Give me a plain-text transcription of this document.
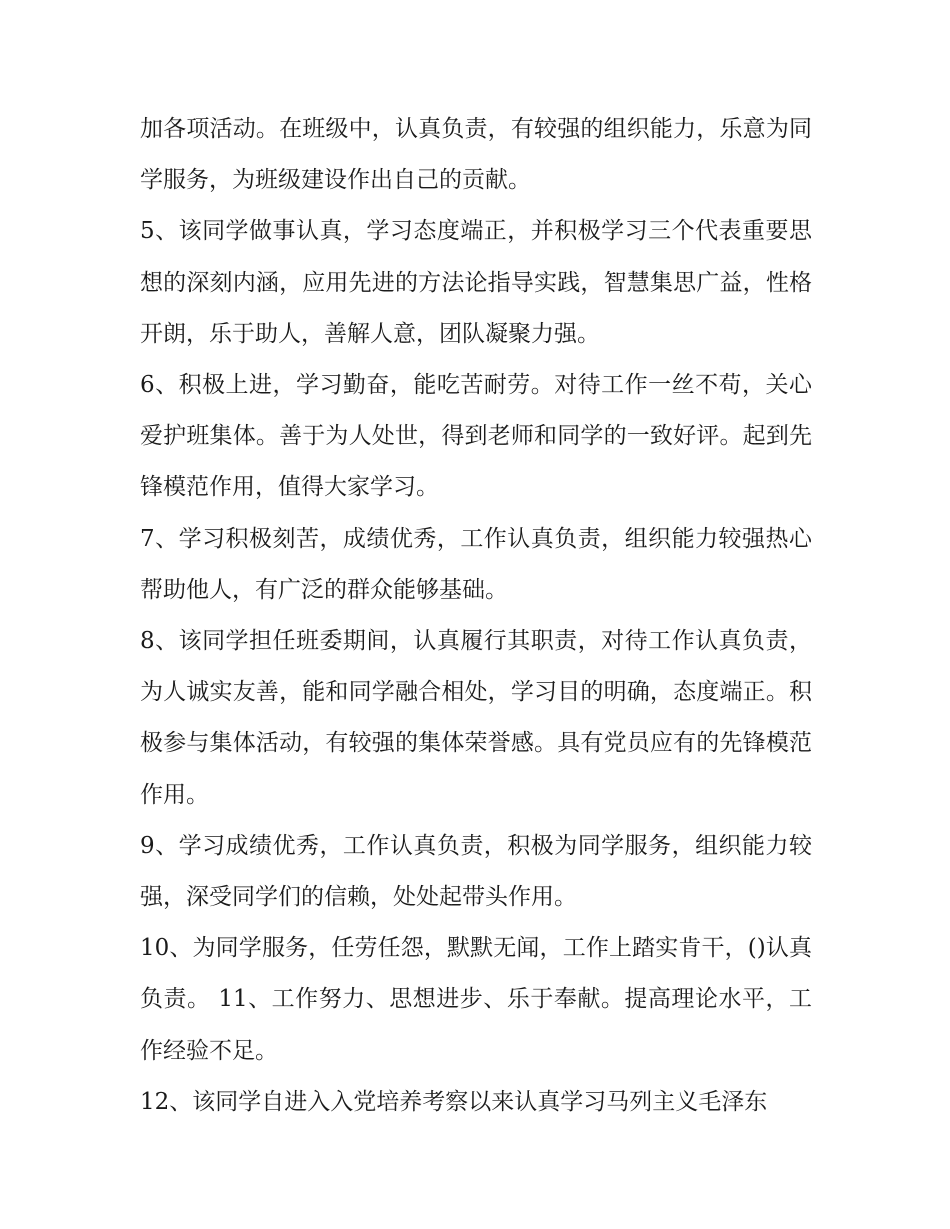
加各项活动。在班级中，认真负责，有较强的组织能力，乐意为同学服务，为班级建设作出自己的贡献。

5、该同学做事认真，学习态度端正，并积极学习三个代表重要思想的深刻内涵，应用先进的方法论指导实践，智慧集思广益，性格开朗，乐于助人，善解人意，团队凝聚力强。

6、积极上进，学习勤奋，能吃苦耐劳。对待工作一丝不苟，关心爱护班集体。善于为人处世，得到老师和同学的一致好评。起到先锋模范作用，值得大家学习。

7、学习积极刻苦，成绩优秀，工作认真负责，组织能力较强热心帮助他人，有广泛的群众能够基础。

8、该同学担任班委期间，认真履行其职责，对待工作认真负责，为人诚实友善，能和同学融合相处，学习目的明确，态度端正。积极参与集体活动，有较强的集体荣誉感。具有党员应有的先锋模范作用。

9、学习成绩优秀，工作认真负责，积极为同学服务，组织能力较强，深受同学们的信赖，处处起带头作用。

10、为同学服务，任劳任怨，默默无闻，工作上踏实肯干，()认真负责。 11、工作努力、思想进步、乐于奉献。提高理论水平，工作经验不足。

12、该同学自进入入党培养考察以来认真学习马列主义毛泽东
